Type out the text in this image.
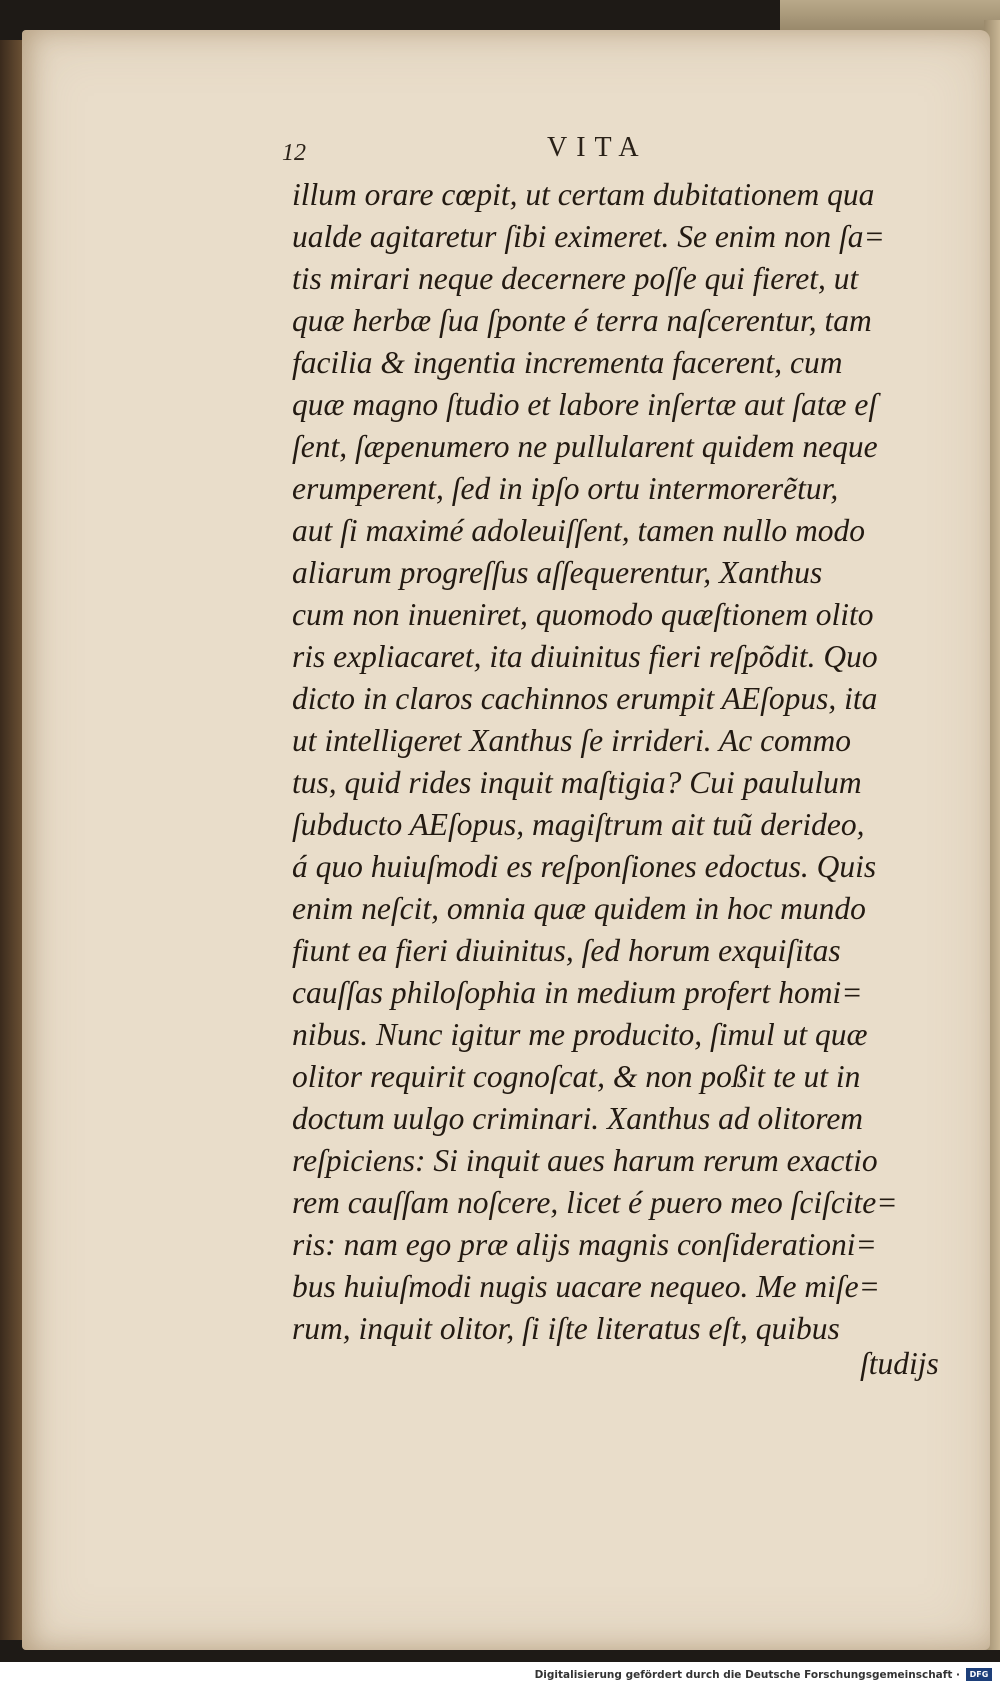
12	VITA
illum orare cœpit, ut certam dubitationem qua
ualde agitaretur ſibi eximeret. Se enim non ſa=
tis mirari neque decernere poſſe qui fieret, ut
quæ herbæ ſua ſponte é terra naſcerentur, tam
facilia & ingentia incrementa facerent, cum
quæ magno ſtudio et labore inſertæ aut ſatæ eſ
ſent, ſæpenumero ne pullularent quidem neque
erumperent, ſed in ipſo ortu intermorerẽtur,
aut ſi maximé adoleuiſſent, tamen nullo modo
aliarum progreſſus aſſequerentur, Xanthus
cum non inueniret, quomodo quæſtionem olito
ris expliacaret, ita diuinitus fieri reſpõdit. Quo
dicto in claros cachinnos erumpit AEſopus, ita
ut intelligeret Xanthus ſe irrideri. Ac commo
tus, quid rides inquit maſtigia? Cui paululum
ſubducto AEſopus, magiſtrum ait tuũ derideo,
á quo huiuſmodi es reſponſiones edoctus. Quis
enim neſcit, omnia quæ quidem in hoc mundo
fiunt ea fieri diuinitus, ſed horum exquiſitas
cauſſas philoſophia in medium profert homi=
nibus. Nunc igitur me producito, ſimul ut quæ
olitor requirit cognoſcat, & non poßit te ut in
doctum uulgo criminari. Xanthus ad olitorem
reſpiciens: Si inquit aues harum rerum exactio
rem cauſſam noſcere, licet é puero meo ſciſcite=
ris: nam ego præ alijs magnis conſiderationi=
bus huiuſmodi nugis uacare nequeo. Me miſe=
rum, inquit olitor, ſi iſte literatus eſt, quibus
ſtudijs
Digitalisierung gefördert durch die Deutsche Forschungsgemeinschaft ·	DFG
